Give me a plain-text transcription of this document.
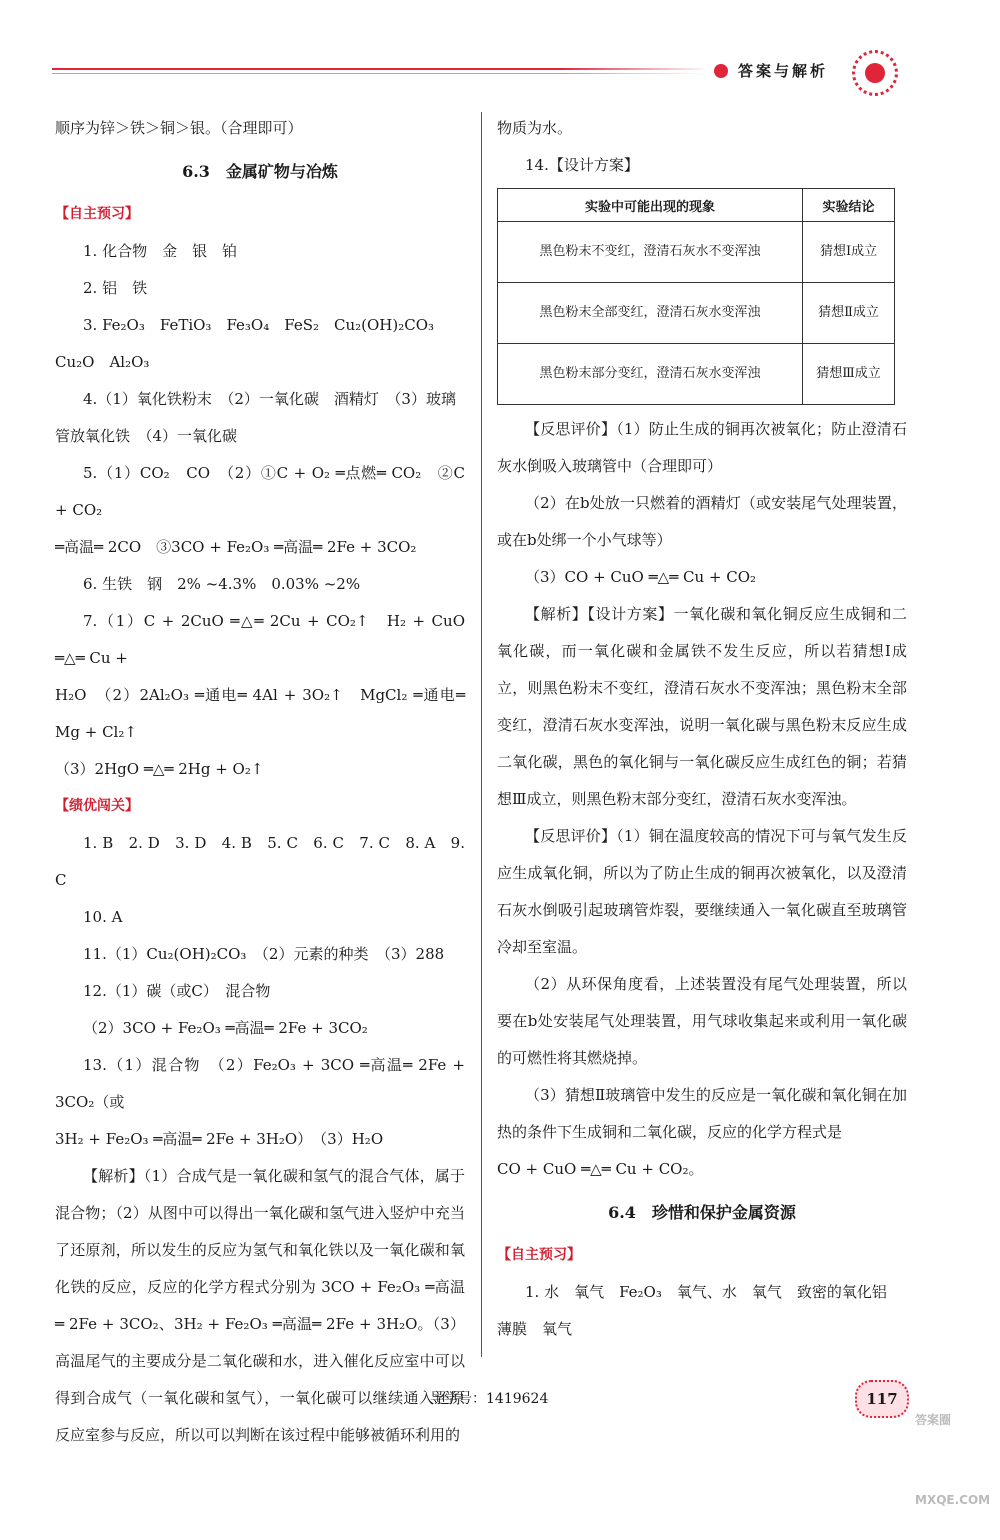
答案与解析

顺序为锌＞铁＞铜＞银。（合理即可）

6.3　金属矿物与冶炼
【自主预习】

1. 化合物　金　银　铂

2. 铝　铁

3. Fe₂O₃　FeTiO₃　Fe₃O₄　FeS₂　Cu₂(OH)₂CO₃

Cu₂O　Al₂O₃

4.（1）氧化铁粉末　（2）一氧化碳　酒精灯　（3）玻璃

管放氧化铁　（4）一氧化碳

5.（1）CO₂　CO　（2）①C + O₂ ═点燃═ CO₂　②C + CO₂

═高温═ 2CO　③3CO + Fe₂O₃ ═高温═ 2Fe + 3CO₂

6. 生铁　钢　2% ~4.3%　0.03% ~2%

7.（1）C + 2CuO ═△═ 2Cu + CO₂↑　H₂ + CuO ═△═ Cu +

H₂O　（2）2Al₂O₃ ═通电═ 4Al + 3O₂↑　MgCl₂ ═通电═ Mg + Cl₂↑

（3）2HgO ═△═ 2Hg + O₂↑

【绩优闯关】

1. B　2. D　3. D　4. B　5. C　6. C　7. C　8. A　9. C

10. A

11.（1）Cu₂(OH)₂CO₃　（2）元素的种类　（3）288

12.（1）碳（或C）　混合物

（2）3CO + Fe₂O₃ ═高温═ 2Fe + 3CO₂

13.（1）混合物　（2）Fe₂O₃ + 3CO ═高温═ 2Fe + 3CO₂（或

3H₂ + Fe₂O₃ ═高温═ 2Fe + 3H₂O）　（3）H₂O

【解析】（1）合成气是一氧化碳和氢气的混合气体，属于混合物；（2）从图中可以得出一氧化碳和氢气进入竖炉中充当了还原剂，所以发生的反应为氢气和氧化铁以及一氧化碳和氧化铁的反应，反应的化学方程式分别为 3CO + Fe₂O₃ ═高温═ 2Fe + 3CO₂、3H₂ + Fe₂O₃ ═高温═ 2Fe + 3H₂O。（3）高温尾气的主要成分是二氧化碳和水，进入催化反应室中可以得到合成气（一氧化碳和氢气），一氧化碳可以继续通入还原反应室参与反应，所以可以判断在该过程中能够被循环利用的

物质为水。

14.【设计方案】

实验中可能出现的现象	实验结论
黑色粉末不变红，澄清石灰水不变浑浊	猜想Ⅰ成立
黑色粉末全部变红，澄清石灰水变浑浊	猜想Ⅱ成立
黑色粉末部分变红，澄清石灰水变浑浊	猜想Ⅲ成立

【反思评价】（1）防止生成的铜再次被氧化；防止澄清石灰水倒吸入玻璃管中（合理即可）

（2）在b处放一只燃着的酒精灯（或安装尾气处理装置，或在b处绑一个小气球等）

（3）CO + CuO ═△═ Cu + CO₂

【解析】【设计方案】一氧化碳和氧化铜反应生成铜和二氧化碳，而一氧化碳和金属铁不发生反应，所以若猜想Ⅰ成立，则黑色粉末不变红，澄清石灰水不变浑浊；黑色粉末全部变红，澄清石灰水变浑浊，说明一氧化碳与黑色粉末反应生成二氧化碳，黑色的氧化铜与一氧化碳反应生成红色的铜；若猜想Ⅲ成立，则黑色粉末部分变红，澄清石灰水变浑浊。

【反思评价】（1）铜在温度较高的情况下可与氧气发生反应生成氧化铜，所以为了防止生成的铜再次被氧化，以及澄清石灰水倒吸引起玻璃管炸裂，要继续通入一氧化碳直至玻璃管冷却至室温。

（2）从环保角度看，上述装置没有尾气处理装置，所以要在b处安装尾气处理装置，用气球收集起来或利用一氧化碳的可燃性将其燃烧掉。

（3）猜想Ⅱ玻璃管中发生的反应是一氧化碳和氧化铜在加热的条件下生成铜和二氧化碳，反应的化学方程式是

CO + CuO ═△═ Cu + CO₂。

6.4　珍惜和保护金属资源
【自主预习】

1. 水　氧气　Fe₂O₃　氧气、水　氧气　致密的氧化铝

薄膜　氧气

导学号：1419624	117
答案圈 MXQE.COM
